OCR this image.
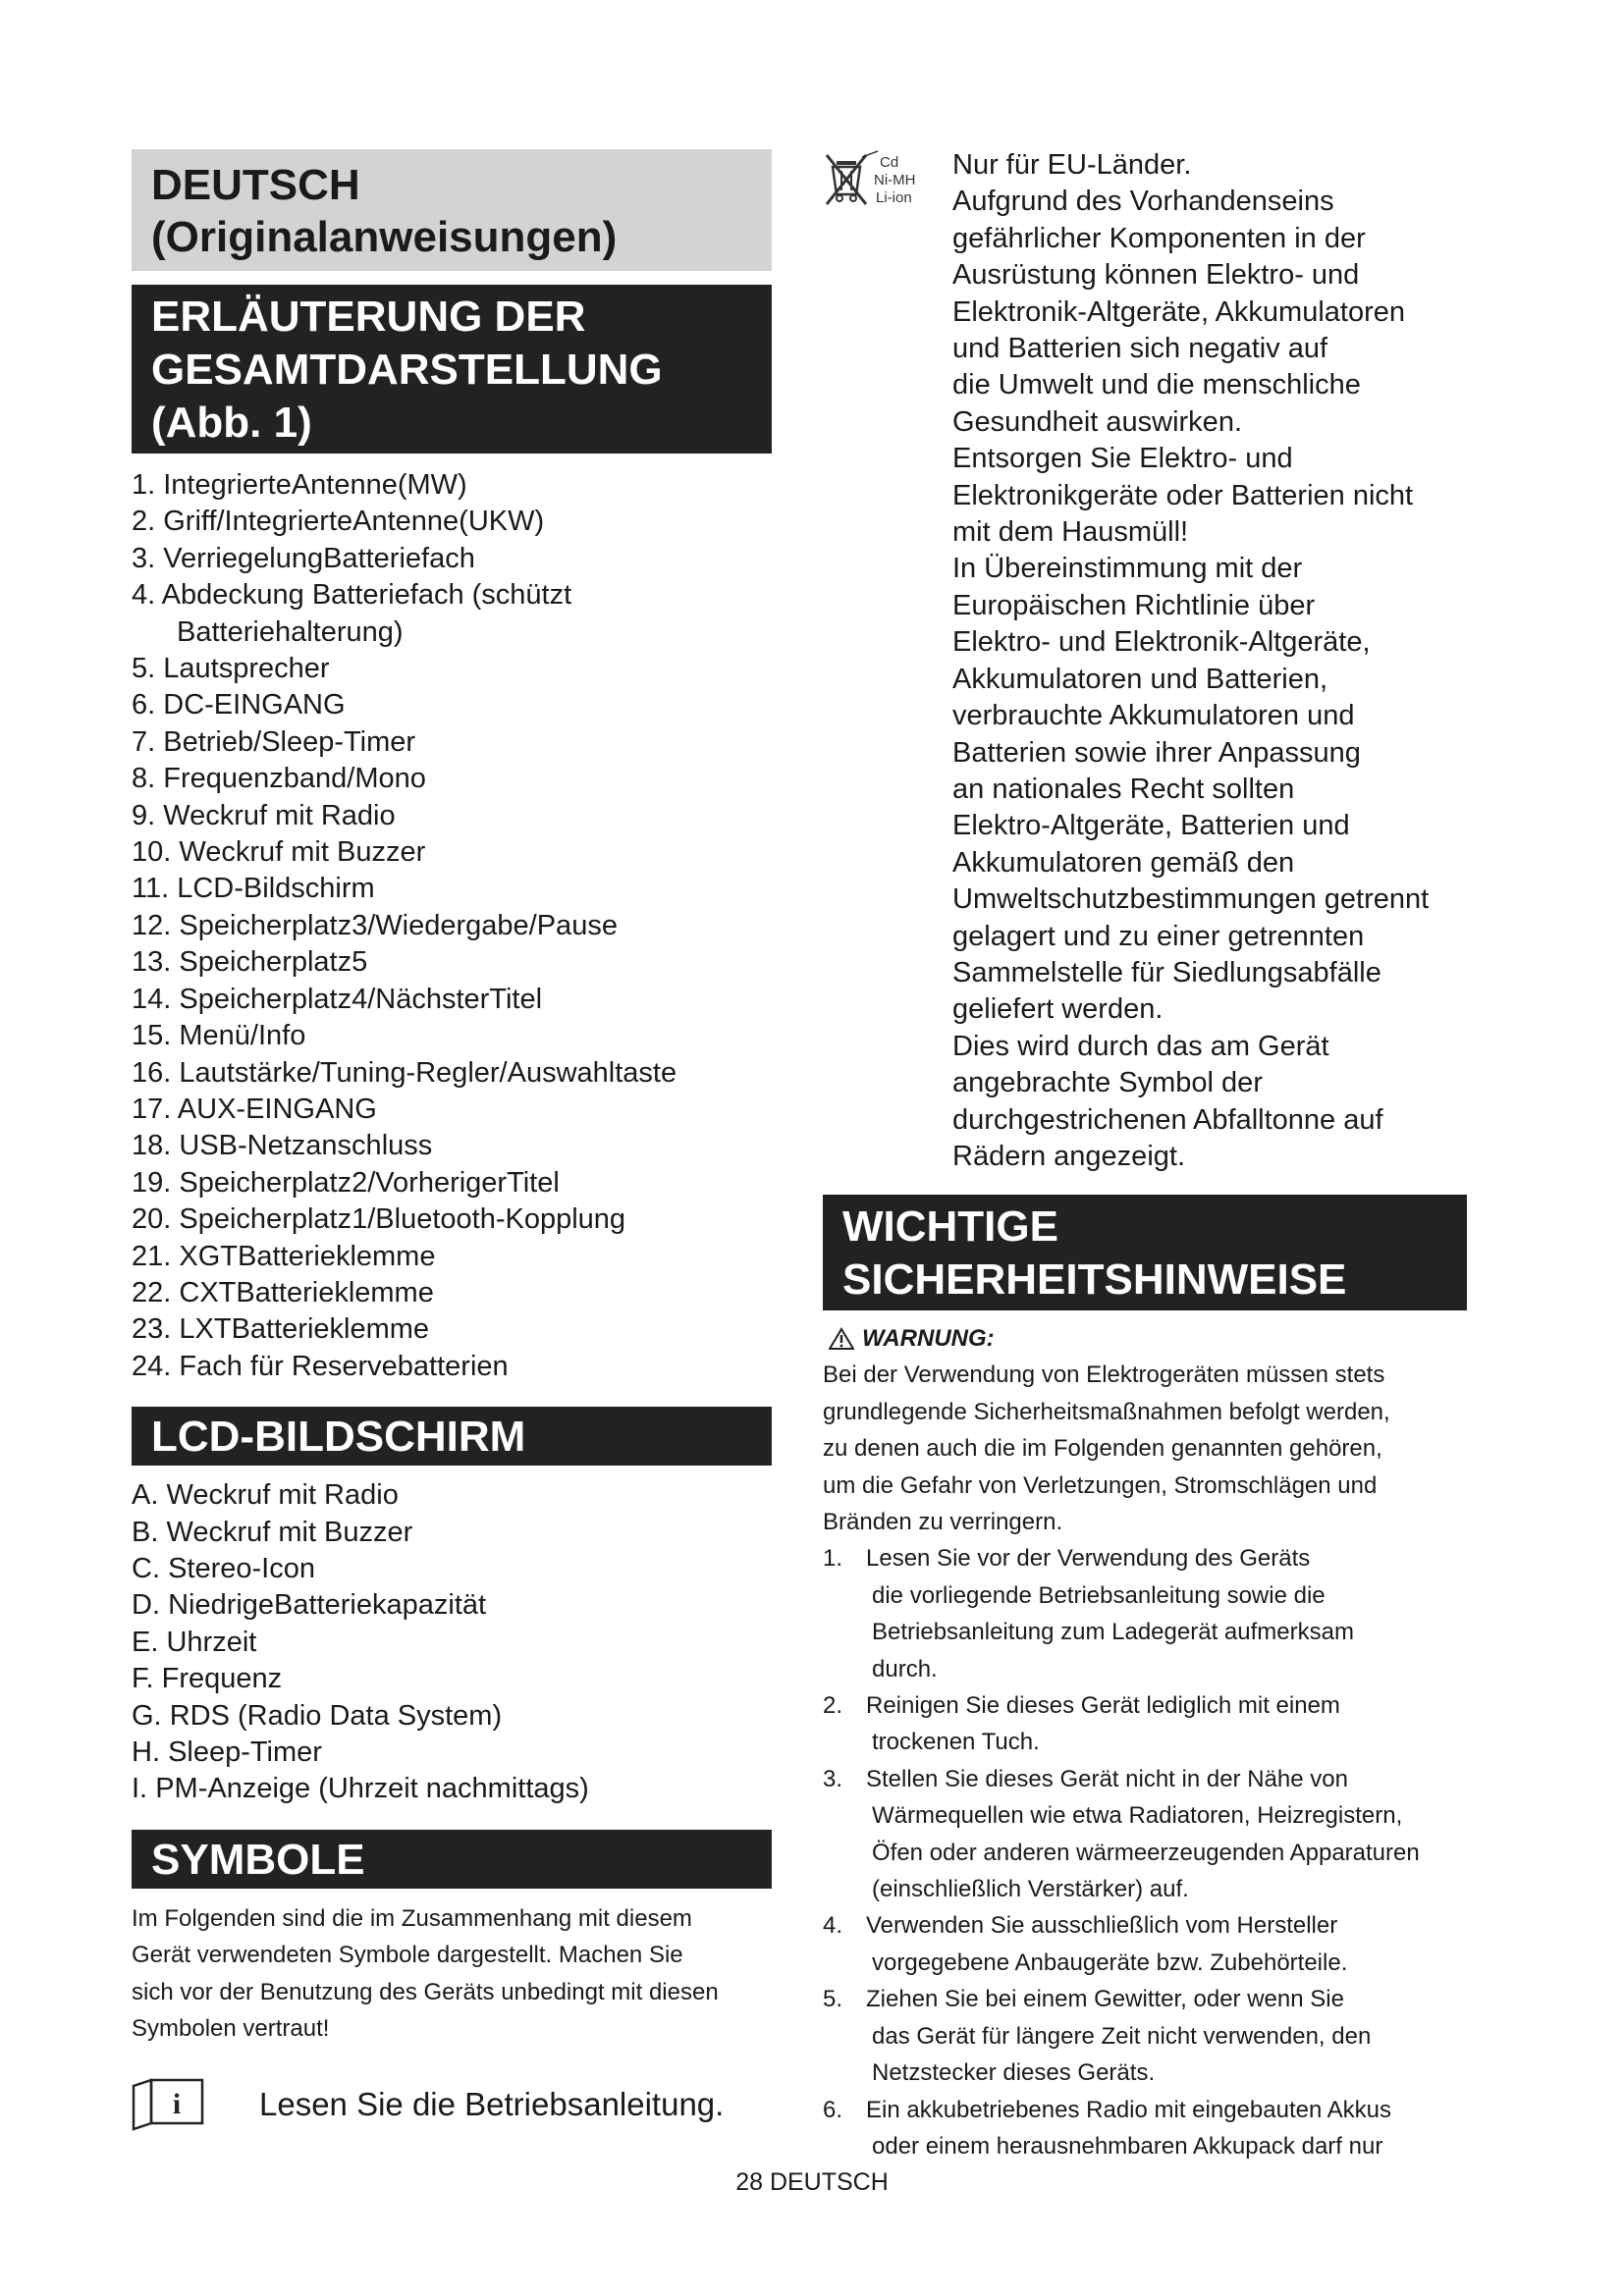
DEUTSCH
(Originalanweisungen)
ERLÄUTERUNG DER
GESAMTDARSTELLUNG
(Abb. 1)
1. IntegrierteAntenne(MW)
2. Griff/IntegrierteAntenne(UKW)
3. VerriegelungBatteriefach
4. Abdeckung Batteriefach (schützt
Batteriehalterung)
5. Lautsprecher
6. DC-EINGANG
7. Betrieb/Sleep-Timer
8. Frequenzband/Mono
9. Weckruf mit Radio
10. Weckruf mit Buzzer
11. LCD-Bildschirm
12. Speicherplatz3/Wiedergabe/Pause
13. Speicherplatz5
14. Speicherplatz4/NächsterTitel
15. Menü/Info
16. Lautstärke/Tuning-Regler/Auswahltaste
17. AUX-EINGANG
18. USB-Netzanschluss
19. Speicherplatz2/VorherigerTitel
20. Speicherplatz1/Bluetooth-Kopplung
21. XGTBatterieklemme
22. CXTBatterieklemme
23. LXTBatterieklemme
24. Fach für Reservebatterien
LCD-BILDSCHIRM
A. Weckruf mit Radio
B. Weckruf mit Buzzer
C. Stereo-Icon
D. NiedrigeBatteriekapazität
E. Uhrzeit
F. Frequenz
G. RDS (Radio Data System)
H. Sleep-Timer
I. PM-Anzeige (Uhrzeit nachmittags)
SYMBOLE

Im Folgenden sind die im Zusammenhang mit diesem

Gerät verwendeten Symbole dargestellt. Machen Sie

sich vor der Benutzung des Geräts unbedingt mit diesen

Symbolen vertraut!

i Lesen Sie die Betriebsanleitung.
Cd
Ni-MH
Li-ion
Nur für EU-Länder.
Aufgrund des Vorhandenseins
gefährlicher Komponenten in der
Ausrüstung können Elektro- und
Elektronik-Altgeräte, Akkumulatoren
und Batterien sich negativ auf
die Umwelt und die menschliche
Gesundheit auswirken.
Entsorgen Sie Elektro- und
Elektronikgeräte oder Batterien nicht
mit dem Hausmüll!
In Übereinstimmung mit der
Europäischen Richtlinie über
Elektro- und Elektronik-Altgeräte,
Akkumulatoren und Batterien,
verbrauchte Akkumulatoren und
Batterien sowie ihrer Anpassung
an nationales Recht sollten
Elektro-Altgeräte, Batterien und
Akkumulatoren gemäß den
Umweltschutzbestimmungen getrennt
gelagert und zu einer getrennten
Sammelstelle für Siedlungsabfälle
geliefert werden.
Dies wird durch das am Gerät
angebrachte Symbol der
durchgestrichenen Abfalltonne auf
Rädern angezeigt.
WICHTIGE
SICHERHEITSHINWEISE
WARNUNG:

Bei der Verwendung von Elektrogeräten müssen stets

grundlegende Sicherheitsmaßnahmen befolgt werden,

zu denen auch die im Folgenden genannten gehören,

um die Gefahr von Verletzungen, Stromschlägen und

Bränden zu verringern.

1. Lesen Sie vor der Verwendung des Geräts
die vorliegende Betriebsanleitung sowie die
Betriebsanleitung zum Ladegerät aufmerksam
durch.
2. Reinigen Sie dieses Gerät lediglich mit einem
trockenen Tuch.
3. Stellen Sie dieses Gerät nicht in der Nähe von
Wärmequellen wie etwa Radiatoren, Heizregistern,
Öfen oder anderen wärmeerzeugenden Apparaturen
(einschließlich Verstärker) auf.
4. Verwenden Sie ausschließlich vom Hersteller
vorgegebene Anbaugeräte bzw. Zubehörteile.
5. Ziehen Sie bei einem Gewitter, oder wenn Sie
das Gerät für längere Zeit nicht verwenden, den
Netzstecker dieses Geräts.
6. Ein akkubetriebenes Radio mit eingebauten Akkus
oder einem herausnehmbaren Akkupack darf nur
28 DEUTSCH
